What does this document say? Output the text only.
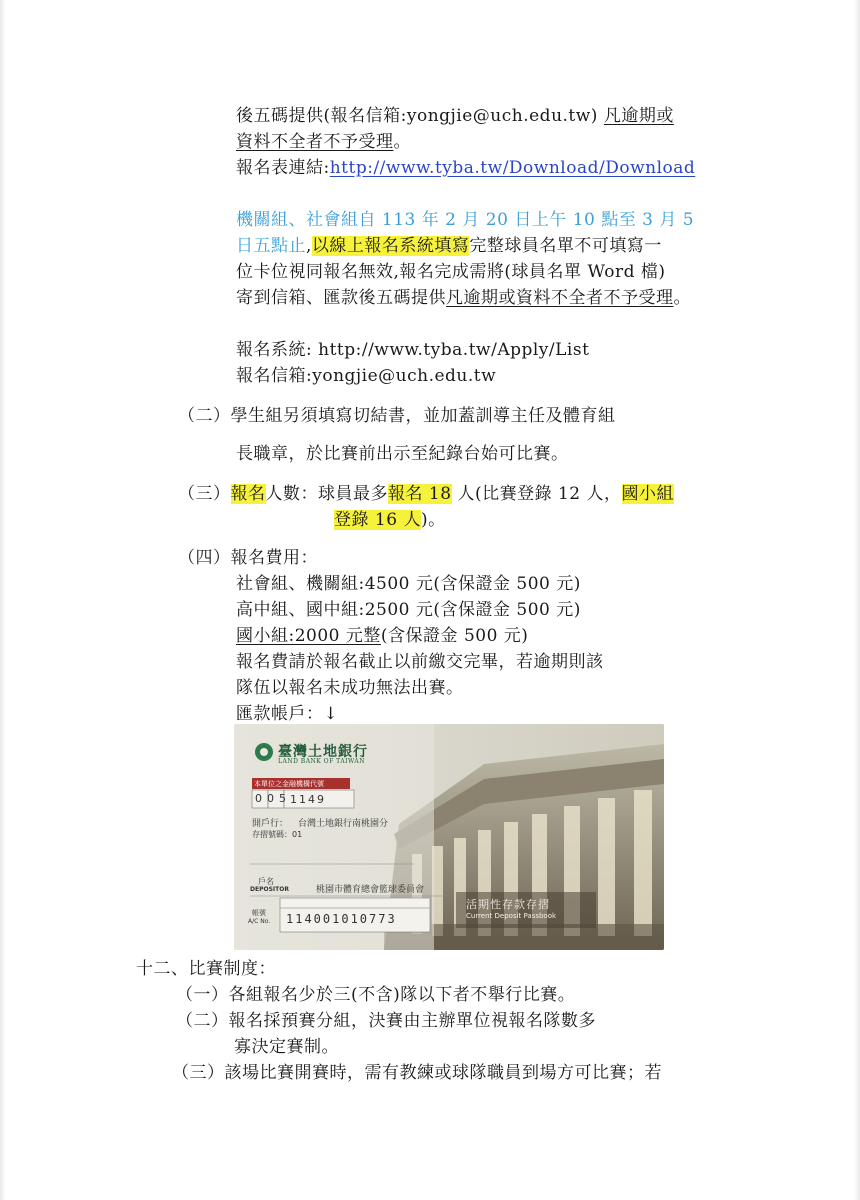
後五碼提供(報名信箱:yongjie@uch.edu.tw) 凡逾期或
資料不全者不予受理。
報名表連結:http://www.tyba.tw/Download/Download
機關組、社會組自 113 年 2 月 20 日上午 10 點至 3 月 5
日五點止,以線上報名系統填寫完整球員名單不可填寫一
位卡位視同報名無效,報名完成需將(球員名單 Word 檔)
寄到信箱、匯款後五碼提供凡逾期或資料不全者不予受理。
報名系統: http://www.tyba.tw/Apply/List
報名信箱:yongjie@uch.edu.tw
（二）學生組另須填寫切結書，並加蓋訓導主任及體育組
長職章，於比賽前出示至紀錄台始可比賽。
（三）報名人數：球員最多報名 18 人(比賽登錄 12 人，國小組
登錄 16 人)。
（四）報名費用：
社會組、機關組:4500 元(含保證金 500 元)
高中組、國中組:2500 元(含保證金 500 元)
國小組:2000 元整(含保證金 500 元)
報名費請於報名截止以前繳交完畢，若逾期則該
隊伍以報名未成功無法出賽。
匯款帳戶：↓
臺灣土地銀行
LAND BANK OF TAIWAN
本單位之金融機構代號
005 1149
開戶行： 台灣土地銀行南桃園分
存摺號碼：01
戶名
DEPOSITOR	桃園市體育總會籃球委員會
帳號
A/C No. 114001010773
活期性存款存摺
Current Deposit Passbook
十二、比賽制度：
（一）各組報名少於三(不含)隊以下者不舉行比賽。
（二）報名採預賽分組，決賽由主辦單位視報名隊數多
寡決定賽制。
（三）該場比賽開賽時，需有教練或球隊職員到場方可比賽；若
